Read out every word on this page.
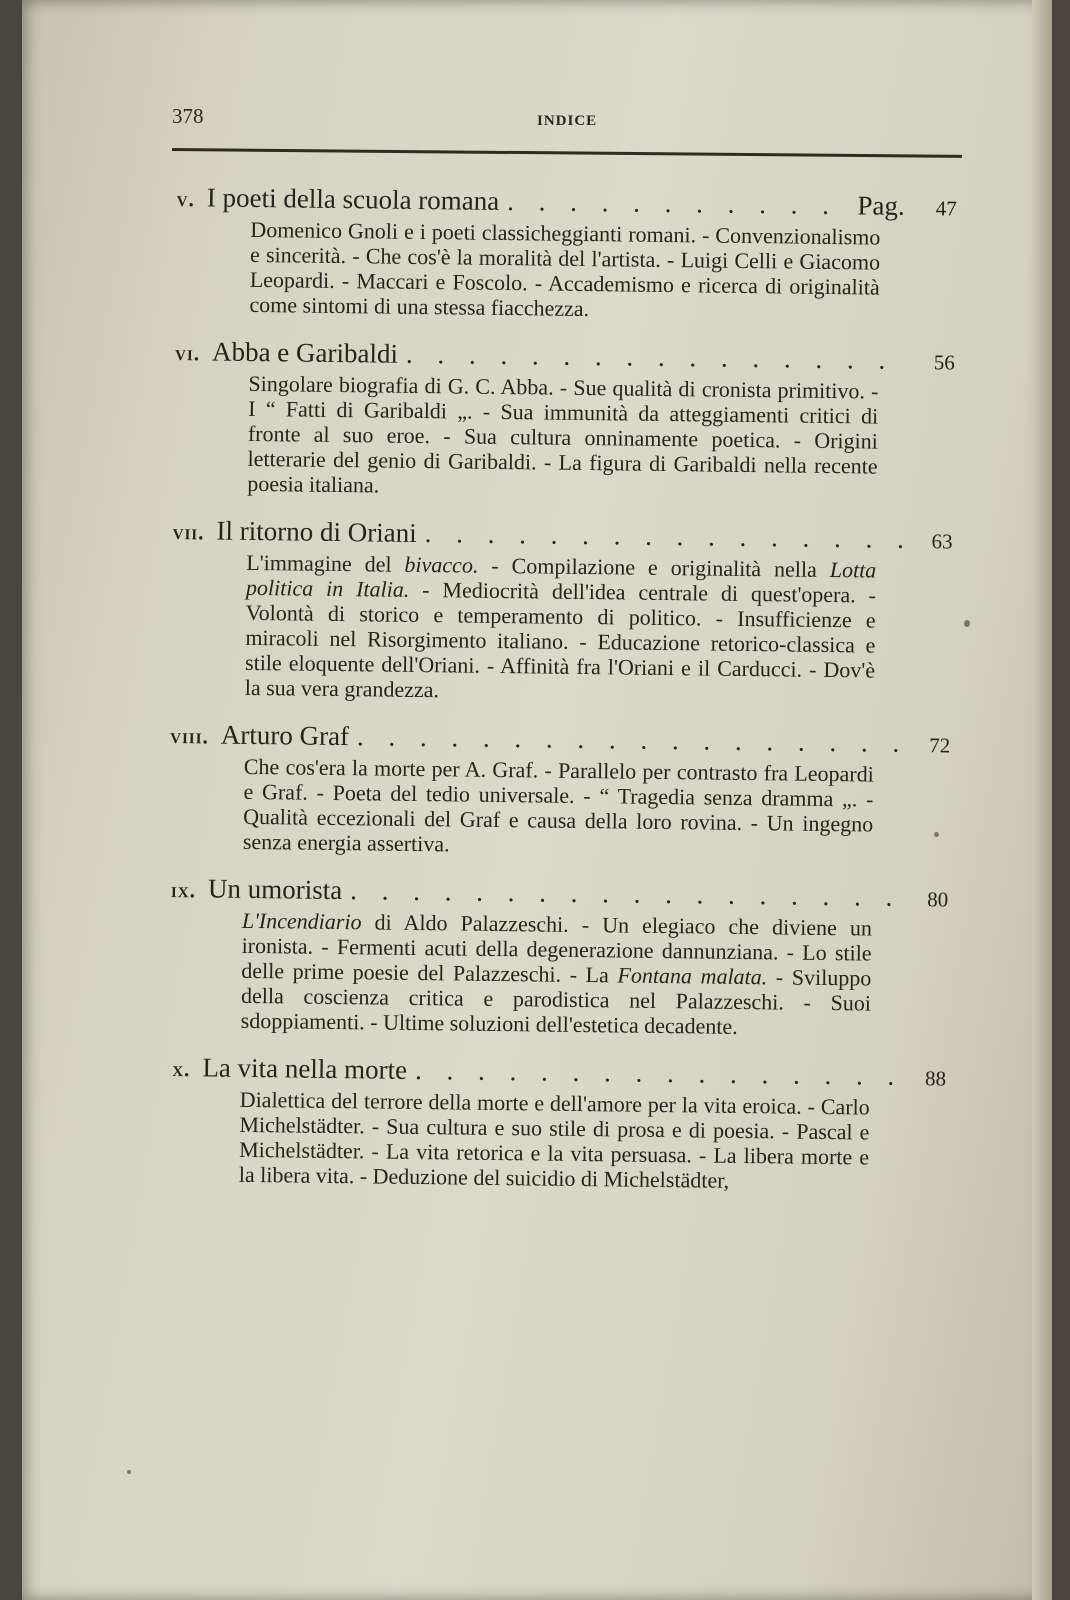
378	INDICE
v. I poeti della scuola romana . . .	Pag.	47
Domenico Gnoli e i poeti classicheggianti romani. - Convenzionalismo e sincerità. - Che cos'è la moralità del l'artista. - Luigi Celli e Giacomo Leopardi. - Maccari e Foscolo. - Accademismo e ricerca di originalità come sintomi di una stessa fiacchezza.
vi. Abba e Garibaldi . . .	56
Singolare biografia di G. C. Abba. - Sue qualità di cronista primitivo. - I “ Fatti di Garibaldi „. - Sua immunità da atteggiamenti critici di fronte al suo eroe. - Sua cultura onninamente poetica. - Origini letterarie del genio di Garibaldi. - La figura di Garibaldi nella recente poesia italiana.
vii. Il ritorno di Oriani . . .	63
L'immagine del bivacco. - Compilazione e originalità nella Lotta politica in Italia. - Mediocrità dell'idea centrale di quest'opera. - Volontà di storico e temperamento di politico. - Insufficienze e miracoli nel Risorgimento italiano. - Educazione retorico-classica e stile eloquente dell'Oriani. - Affinità fra l'Oriani e il Carducci. - Dov'è la sua vera grandezza.
viii. Arturo Graf . . .	72
Che cos'era la morte per A. Graf. - Parallelo per contrasto fra Leopardi e Graf. - Poeta del tedio universale. - “ Tragedia senza dramma „. - Qualità eccezionali del Graf e causa della loro rovina. - Un ingegno senza energia assertiva.
ix. Un umorista . . .	80
L'Incendiario di Aldo Palazzeschi. - Un elegiaco che diviene un ironista. - Fermenti acuti della degenerazione dannunziana. - Lo stile delle prime poesie del Palazzeschi. - La Fontana malata. - Sviluppo della coscienza critica e parodistica nel Palazzeschi. - Suoi sdoppiamenti. - Ultime soluzioni dell'estetica decadente.
x. La vita nella morte . . .	88
Dialettica del terrore della morte e dell'amore per la vita eroica. - Carlo Michelstädter. - Sua cultura e suo stile di prosa e di poesia. - Pascal e Michelstädter. - La vita retorica e la vita persuasa. - La libera morte e la libera vita. - Deduzione del suicidio di Michelstädter,
